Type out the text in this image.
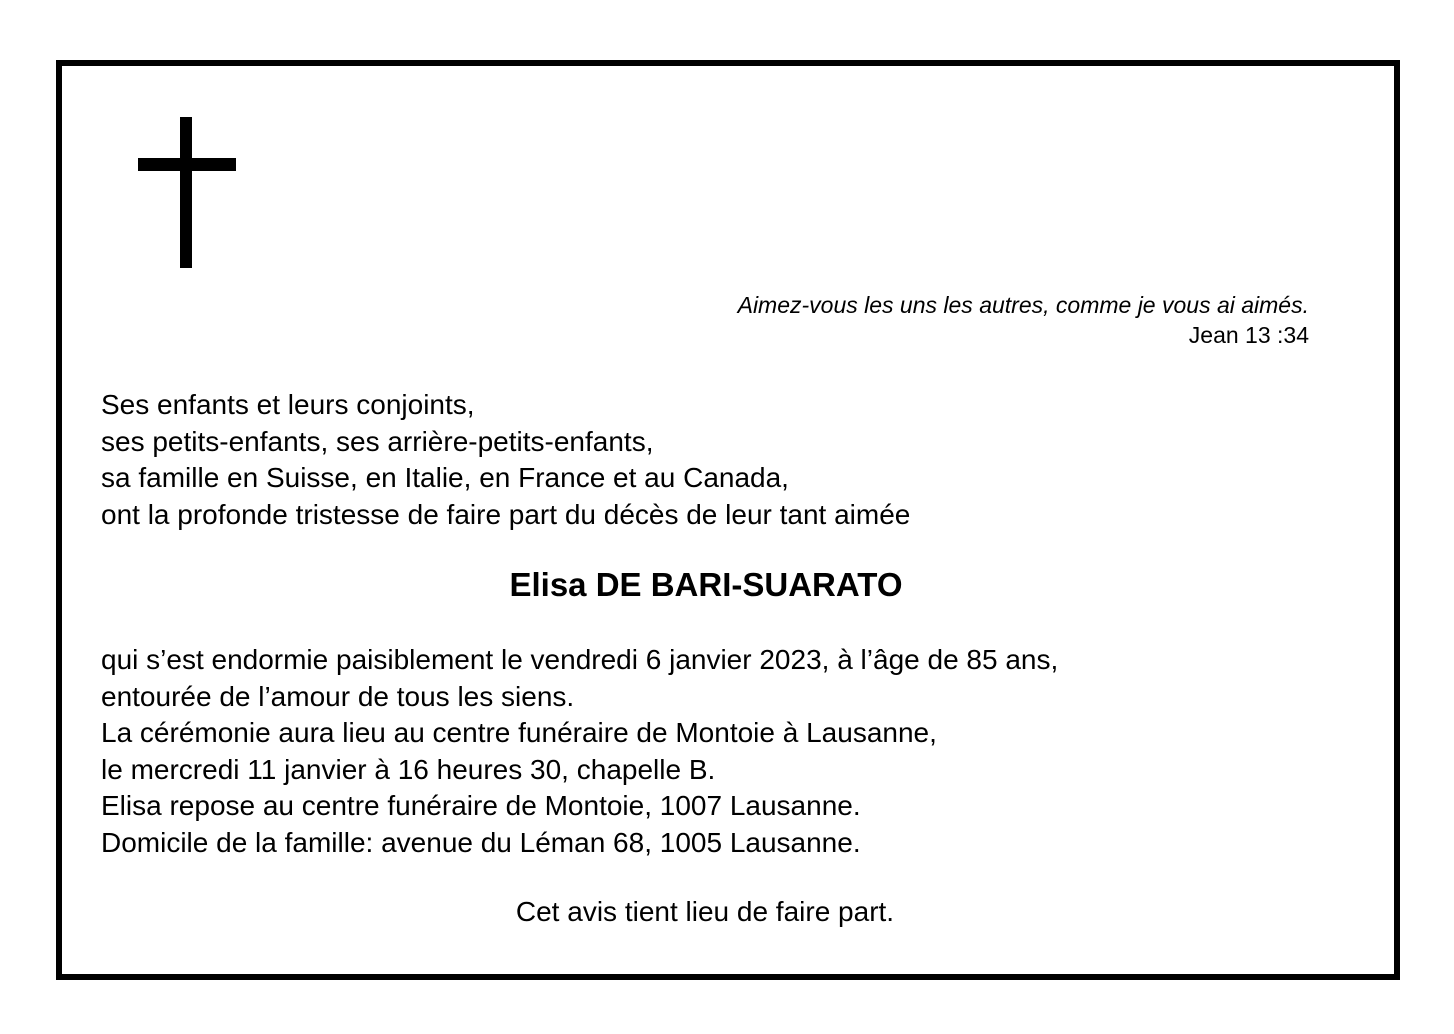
Aimez-vous les uns les autres, comme je vous ai aimés.
Jean 13 :34
Ses enfants et leurs conjoints,
ses petits-enfants, ses arrière-petits-enfants,
sa famille en Suisse, en Italie, en France et au Canada,
ont la profonde tristesse de faire part du décès de leur tant aimée
Elisa DE BARI-SUARATO
qui s’est endormie paisiblement le vendredi 6 janvier 2023, à l’âge de 85 ans,
entourée de l’amour de tous les siens.
La cérémonie aura lieu au centre funéraire de Montoie à Lausanne,
le mercredi 11 janvier à 16 heures 30, chapelle B.
Elisa repose au centre funéraire de Montoie, 1007 Lausanne.
Domicile de la famille: avenue du Léman 68, 1005 Lausanne.
Cet avis tient lieu de faire part.
